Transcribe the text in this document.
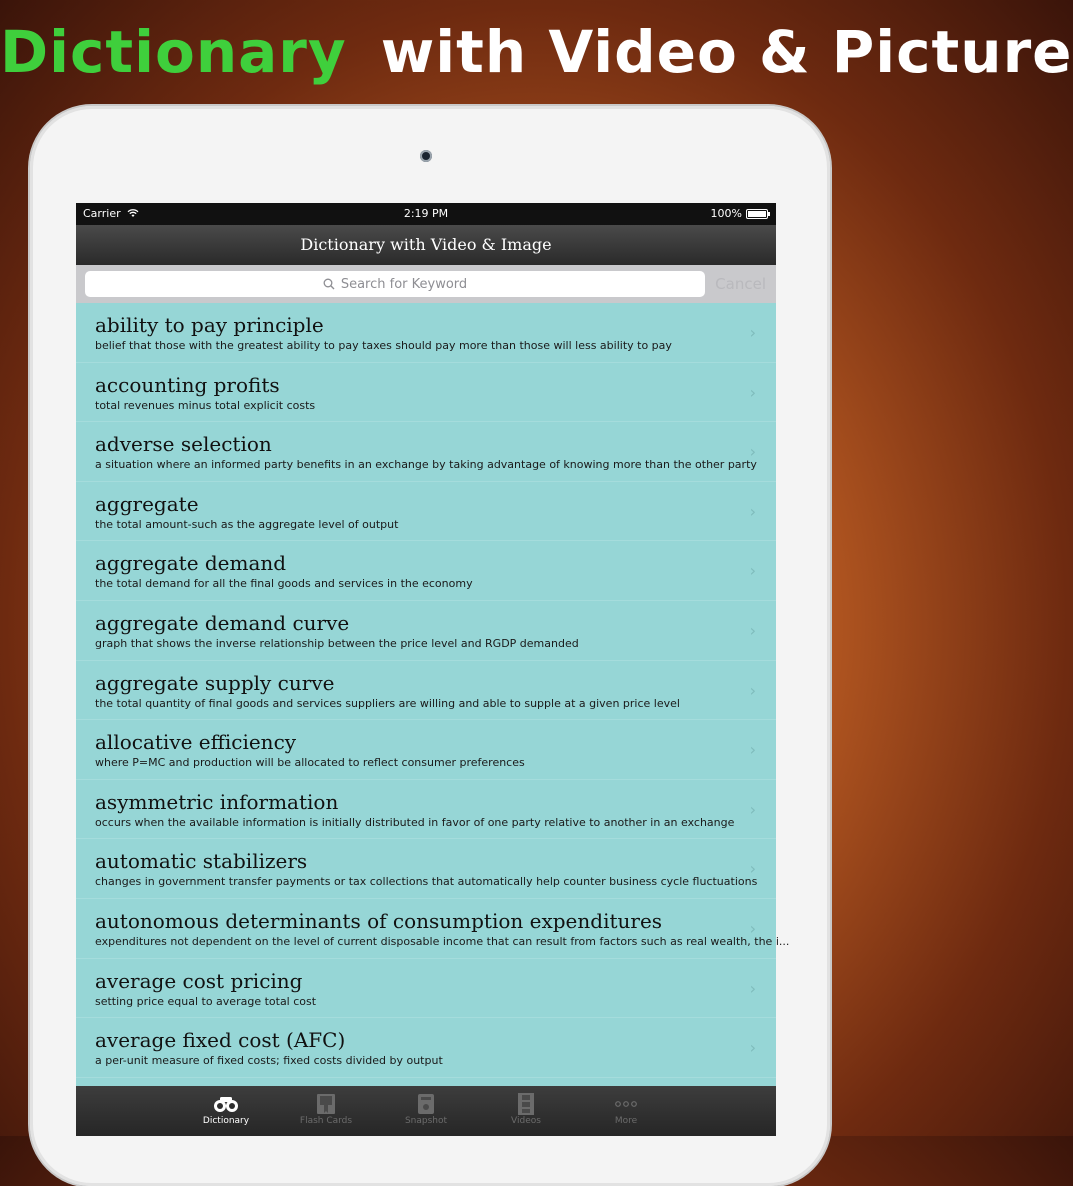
Dictionary with Video & Picture
Carrier	2:19 PM	100%
Dictionary with Video & Image
Search for Keyword	Cancel
ability to pay principle
belief that those with the greatest ability to pay taxes should pay more than those will less ability to pay
›
accounting profits
total revenues minus total explicit costs
›
adverse selection
a situation where an informed party benefits in an exchange by taking advantage of knowing more than the other party
›
aggregate
the total amount-such as the aggregate level of output
›
aggregate demand
the total demand for all the final goods and services in the economy
›
aggregate demand curve
graph that shows the inverse relationship between the price level and RGDP demanded
›
aggregate supply curve
the total quantity of final goods and services suppliers are willing and able to supple at a given price level
›
allocative efficiency
where P=MC and production will be allocated to reflect consumer preferences
›
asymmetric information
occurs when the available information is initially distributed in favor of one party relative to another in an exchange
›
automatic stabilizers
changes in government transfer payments or tax collections that automatically help counter business cycle fluctuations
›
autonomous determinants of consumption expenditures
expenditures not dependent on the level of current disposable income that can result from factors such as real wealth, the i...
›
average cost pricing
setting price equal to average total cost
›
average fixed cost (AFC)
a per-unit measure of fixed costs; fixed costs divided by output
›
Dictionary	Flash Cards	Snapshot	Videos	More
